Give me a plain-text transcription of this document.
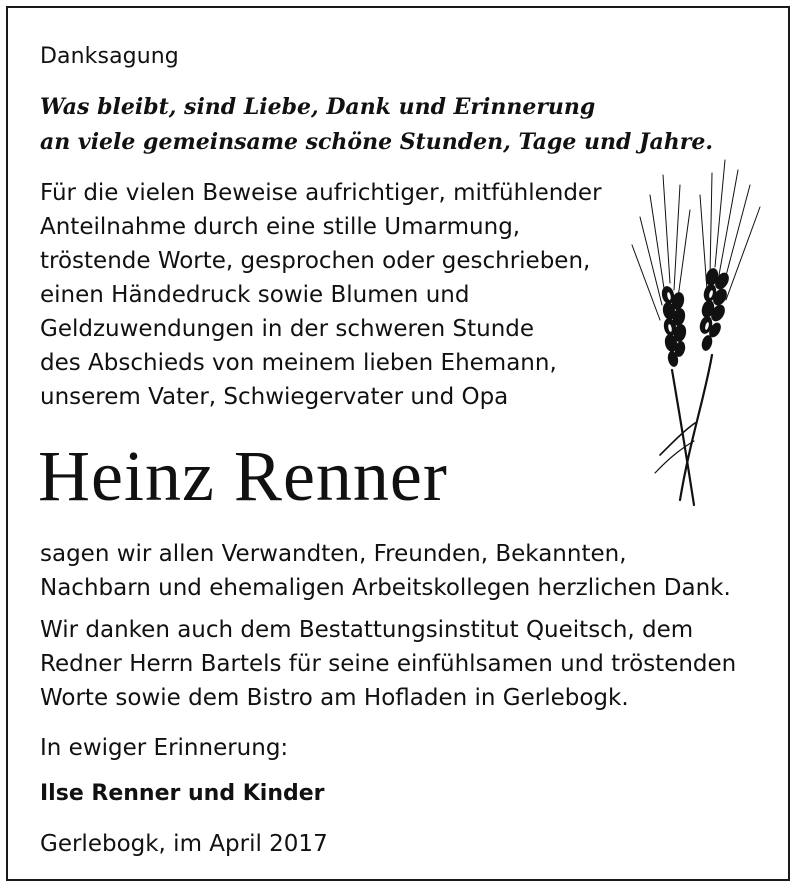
Danksagung
Was bleibt, sind Liebe, Dank und Erinnerung
an viele gemeinsame schöne Stunden, Tage und Jahre.
Für die vielen Beweise aufrichtiger, mitfühlender
Anteilnahme durch eine stille Umarmung,
tröstende Worte, gesprochen oder geschrieben,
einen Händedruck sowie Blumen und
Geldzuwendungen in der schweren Stunde
des Abschieds von meinem lieben Ehemann,
unserem Vater, Schwiegervater und Opa
Heinz Renner
sagen wir allen Verwandten, Freunden, Bekannten,
Nachbarn und ehemaligen Arbeitskollegen herzlichen Dank.
Wir danken auch dem Bestattungsinstitut Queitsch, dem
Redner Herrn Bartels für seine einfühlsamen und tröstenden
Worte sowie dem Bistro am Hofladen in Gerlebogk.
In ewiger Erinnerung:
Ilse Renner und Kinder
Gerlebogk, im April 2017
